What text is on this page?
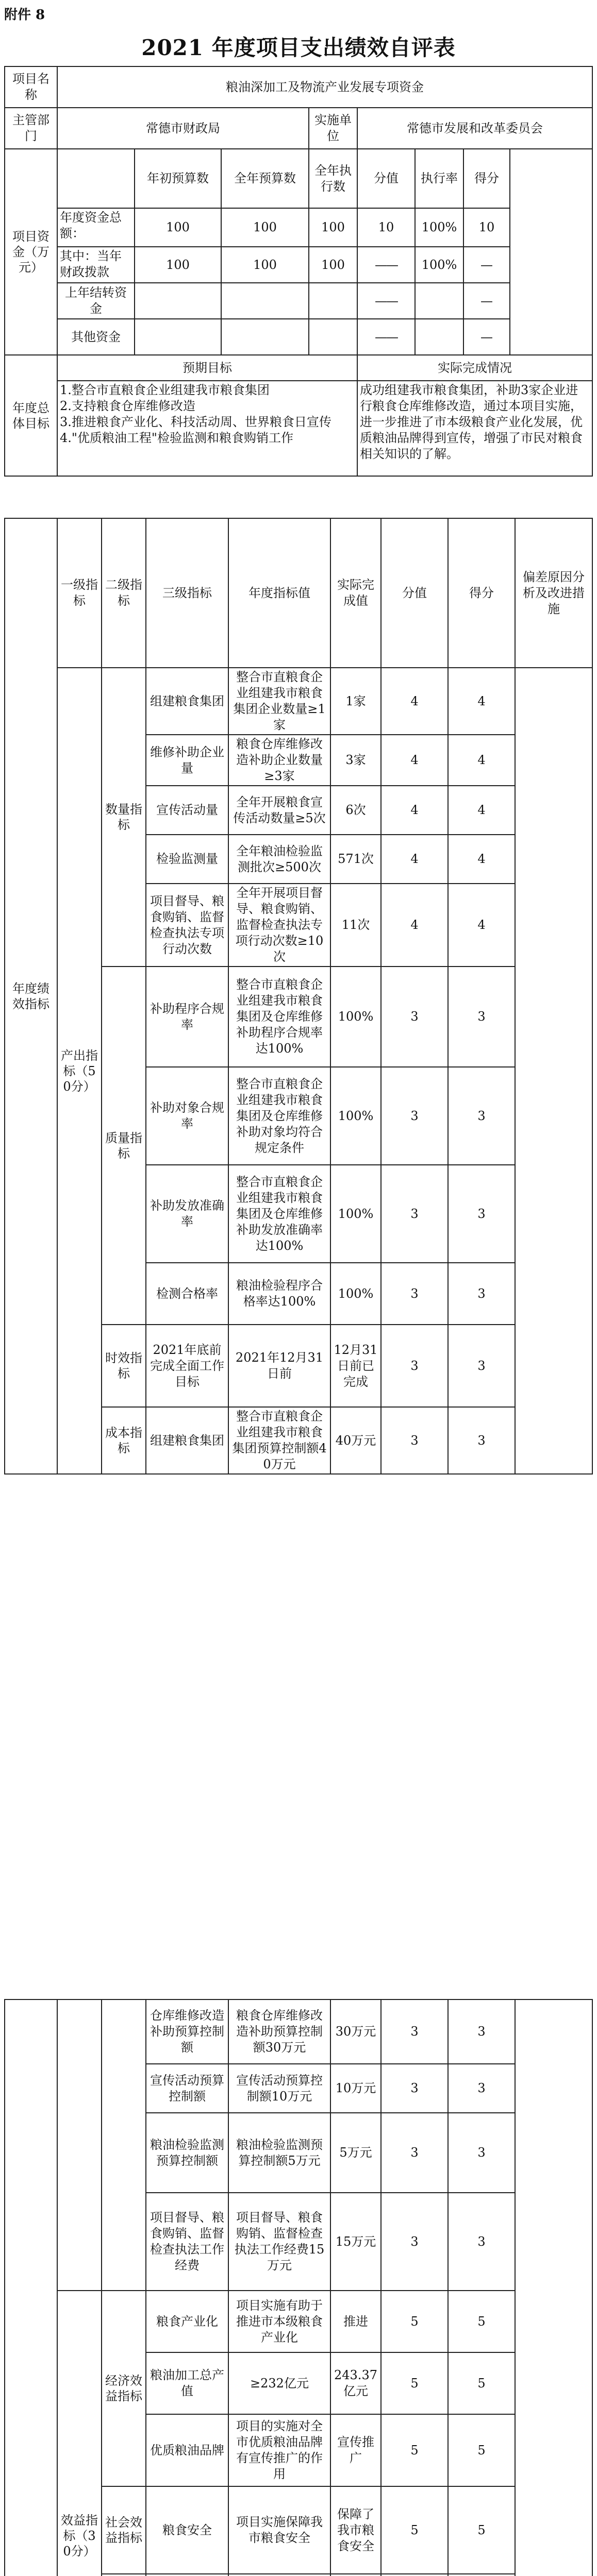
附件 8
2021 年度项目支出绩效自评表
项目名称	粮油深加工及物流产业发展专项资金							
主管部门	常德市财政局			实施单位	常德市发展和改革委员会			
项目资金（万元）		年初预算数	全年预算数	全年执行数	分值	执行率	得分	
	年度资金总额：	100	100	100	10	100%	10	
	其中：当年财政拨款	100	100	100	——	100%	—	
	上年结转资金				——		—	
	其他资金				——		—	
年度总体目标	预期目标				实际完成情况			
	1.整合市直粮食企业组建我市粮食集团
2.支持粮食仓库维修改造
3.推进粮食产业化、科技活动周、世界粮食日宣传
4."优质粮油工程"检验监测和粮食购销工作				成功组建我市粮食集团，补助3家企业进行粮食仓库维修改造，通过本项目实施，进一步推进了市本级粮食产业化发展，优质粮油品牌得到宣传，增强了市民对粮食相关知识的了解。			
年度绩效指标	一级指标	二级指标	三级指标	年度指标值	实际完成值	分值	得分	偏差原因分析及改进措施
	产出指标（50分）	数量指标	组建粮食集团	整合市直粮食企业组建我市粮食集团企业数量≥1家	1家	4	4	
			维修补助企业量	粮食仓库维修改造补助企业数量≥3家	3家	4	4	
			宣传活动量	全年开展粮食宣传活动数量≥5次	6次	4	4	
			检验监测量	全年粮油检验监测批次≥500次	571次	4	4	
			项目督导、粮食购销、监督检查执法专项行动次数	全年开展项目督导、粮食购销、监督检查执法专项行动次数≥10次	11次	4	4	
		质量指标	补助程序合规率	整合市直粮食企业组建我市粮食集团及仓库维修补助程序合规率达100%	100%	3	3	
			补助对象合规率	整合市直粮食企业组建我市粮食集团及仓库维修补助对象均符合规定条件	100%	3	3	
			补助发放准确率	整合市直粮食企业组建我市粮食集团及仓库维修补助发放准确率达100%	100%	3	3	
			检测合格率	粮油检验程序合格率达100%	100%	3	3	
		时效指标	2021年底前完成全面工作目标	2021年12月31日前	12月31日前已完成	3	3	
		成本指标	组建粮食集团	整合市直粮食企业组建我市粮食集团预算控制额40万元	40万元	3	3	
			仓库维修改造补助预算控制额	粮食仓库维修改造补助预算控制额30万元	30万元	3	3	
			宣传活动预算控制额	宣传活动预算控制额10万元	10万元	3	3	
			粮油检验监测预算控制额	粮油检验监测预算控制额5万元	5万元	3	3	
			项目督导、粮食购销、监督检查执法工作经费	项目督导、粮食购销、监督检查执法工作经费15万元	15万元	3	3	
	效益指标（30分）	经济效益指标	粮食产业化	项目实施有助于推进市本级粮食产业化	推进	5	5	
			粮油加工总产值	≥232亿元	243.37亿元	5	5	
			优质粮油品牌	项目的实施对全市优质粮油品牌有宣传推广的作用	宣传推广	5	5	
		社会效益指标	粮食安全	项目实施保障我市粮食安全	保障了我市粮食安全	5	5	
